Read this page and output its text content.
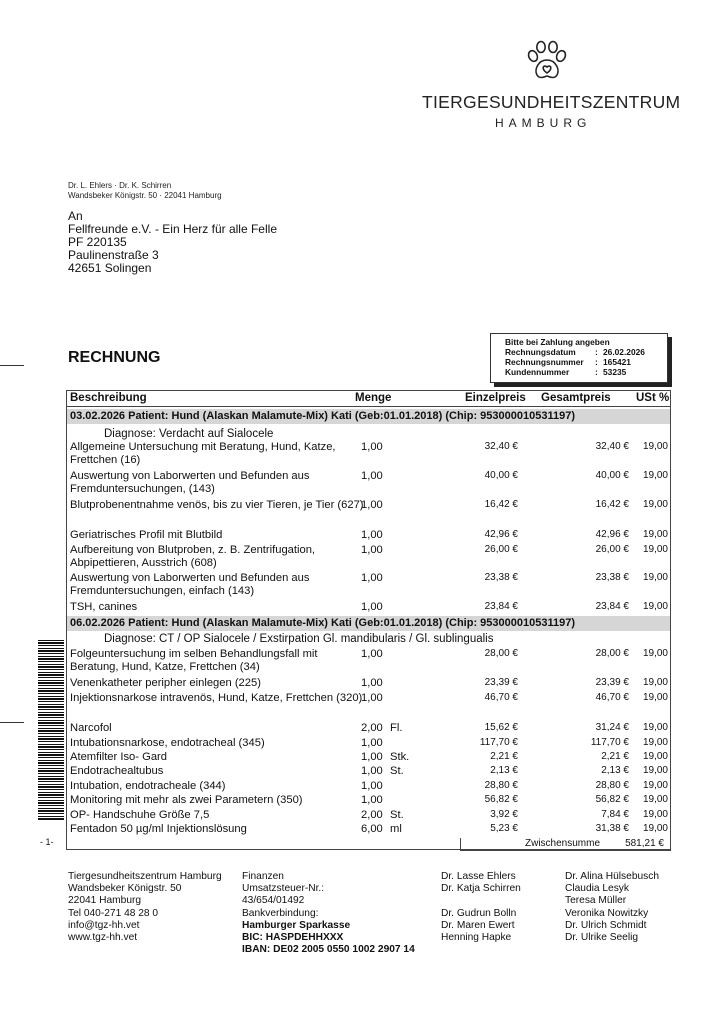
TIERGESUNDHEITSZENTRUM
HAMBURG
Dr. L. Ehlers · Dr. K. Schirren
Wandsbeker Königstr. 50 · 22041 Hamburg
An
Fellfreunde e.V. - Ein Herz für alle Felle
PF 220135
Paulinenstraße 3
42651 Solingen
Bitte bei Zahlung angeben
Rechnungsdatum	: 26.02.2026
Rechnungsnummer	: 165421
Kundennummer	: 53235
RECHNUNG
- 1-
Beschreibung	Menge	Einzelpreis Gesamtpreis USt %
03.02.2026 Patient: Hund (Alaskan Malamute-Mix) Kati (Geb:01.01.2018) (Chip: 953000010531197)
Diagnose: Verdacht auf Sialocele
Allgemeine Untersuchung mit Beratung, Hund, Katze, Frettchen (16)
1,00	32,40 €	32,40 € 19,00
Auswertung von Laborwerten und Befunden aus Fremduntersuchungen, (143)
1,00	40,00 €	40,00 € 19,00
Blutprobenentnahme venös, bis zu vier Tieren, je Tier (627)
1,00	16,42 €	16,42 € 19,00
Geriatrisches Profil mit Blutbild	1,00	42,96 €	42,96 € 19,00
Aufbereitung von Blutproben, z. B. Zentrifugation, Abpipettieren, Ausstrich (608)
1,00	26,00 €	26,00 € 19,00
Auswertung von Laborwerten und Befunden aus Fremduntersuchungen, einfach (143)
1,00	23,38 €	23,38 € 19,00
TSH, canines	1,00	23,84 €	23,84 € 19,00
06.02.2026 Patient: Hund (Alaskan Malamute-Mix) Kati (Geb:01.01.2018) (Chip: 953000010531197)
Diagnose: CT / OP Sialocele / Exstirpation Gl. mandibularis / Gl. sublingualis
Folgeuntersuchung im selben Behandlungsfall mit Beratung, Hund, Katze, Frettchen (34)
1,00	28,00 €	28,00 € 19,00
Venenkatheter peripher einlegen (225)	1,00	23,39 €	23,39 € 19,00
Injektionsnarkose intravenös, Hund, Katze, Frettchen (320)
1,00	46,70 €	46,70 € 19,00
Narcofol	2,00 Fl.	15,62 €	31,24 € 19,00
Intubationsnarkose, endotracheal (345)	1,00	117,70 €	117,70 € 19,00
Atemfilter Iso- Gard	1,00 Stk.	2,21 €	2,21 € 19,00
Endotrachealtubus	1,00 St.	2,13 €	2,13 € 19,00
Intubation, endotracheale (344)	1,00	28,80 €	28,80 € 19,00
Monitoring mit mehr als zwei Parametern (350)	1,00	56,82 €	56,82 € 19,00
OP- Handschuhe Größe 7,5	2,00 St.	3,92 €	7,84 € 19,00
Fentadon 50 µg/ml Injektionslösung	6,00 ml	5,23 €	31,38 € 19,00
Zwischensumme	581,21 €
Tiergesundheitszentrum Hamburg
Wandsbeker Königstr. 50
22041 Hamburg
Tel 040-271 48 28 0
info@tgz-hh.vet
www.tgz-hh.vet
Finanzen
Umsatzsteuer-Nr.:
43/654/01492
Bankverbindung:
Hamburger Sparkasse
BIC: HASPDEHHXXX
IBAN: DE02 2005 0550 1002 2907 14
Dr. Lasse Ehlers
Dr. Katja Schirren

Dr. Gudrun Bolln
Dr. Maren Ewert
Henning Hapke
Dr. Alina Hülsebusch
Claudia Lesyk
Teresa Müller
Veronika Nowitzky
Dr. Ulrich Schmidt
Dr. Ulrike Seelig
